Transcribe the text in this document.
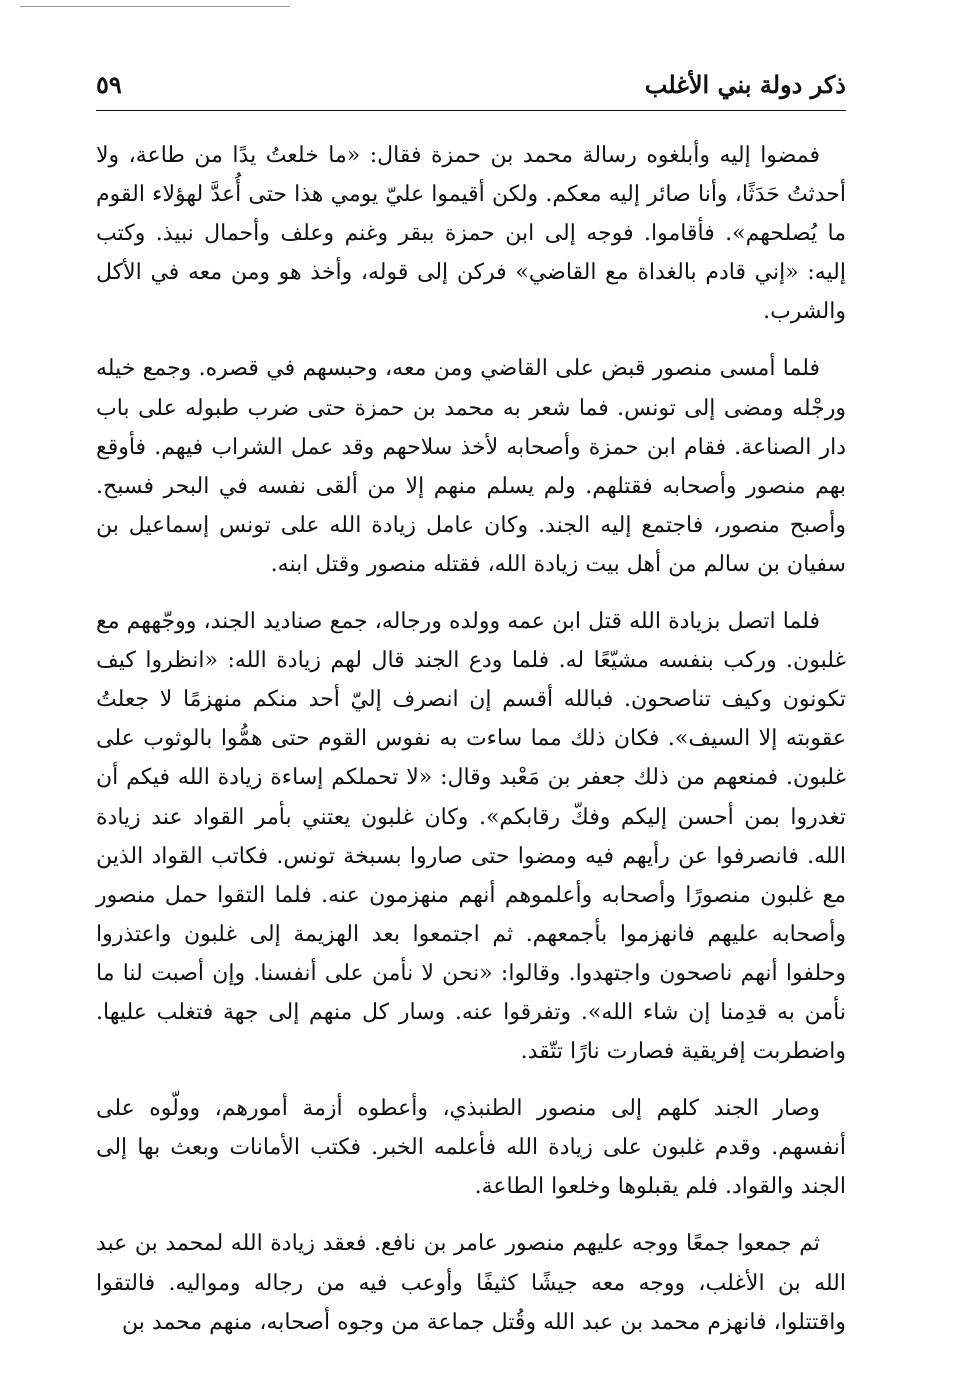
ذكر دولة بني الأغلب
٥٩

فمضوا إليه وأبلغوه رسالة محمد بن حمزة فقال: «ما خلعتُ يدًا من طاعة، ولا أحدثتُ حَدَثًا، وأنا صائر إليه معكم. ولكن أقيموا عليّ يومي هذا حتى أُعدَّ لهؤلاء القوم ما يُصلحهم». فأقاموا. فوجه إلى ابن حمزة ببقر وغنم وعلف وأحمال نبيذ. وكتب إليه: «إني قادم بالغداة مع القاضي» فركن إلى قوله، وأخذ هو ومن معه في الأكل والشرب.

فلما أمسى منصور قبض على القاضي ومن معه، وحبسهم في قصره. وجمع خيله ورجْله ومضى إلى تونس. فما شعر به محمد بن حمزة حتى ضرب طبوله على باب دار الصناعة. فقام ابن حمزة وأصحابه لأخذ سلاحهم وقد عمل الشراب فيهم. فأوقع بهم منصور وأصحابه فقتلهم. ولم يسلم منهم إلا من ألقى نفسه في البحر فسبح. وأصبح منصور، فاجتمع إليه الجند. وكان عامل زيادة الله على تونس إسماعيل بن سفيان بن سالم من أهل بيت زيادة الله، فقتله منصور وقتل ابنه.

فلما اتصل بزيادة الله قتل ابن عمه وولده ورجاله، جمع صناديد الجند، ووجّههم مع غلبون. وركب بنفسه مشيّعًا له. فلما ودع الجند قال لهم زيادة الله: «انظروا كيف تكونون وكيف تناصحون. فبالله أقسم إن انصرف إليّ أحد منكم منهزمًا لا جعلتُ عقوبته إلا السيف». فكان ذلك مما ساءت به نفوس القوم حتى همُّوا بالوثوب على غلبون. فمنعهم من ذلك جعفر بن مَعْبد وقال: «لا تحملكم إساءة زيادة الله فيكم أن تغدروا بمن أحسن إليكم وفكّ رقابكم». وكان غلبون يعتني بأمر القواد عند زيادة الله. فانصرفوا عن رأيهم فيه ومضوا حتى صاروا بسبخة تونس. فكاتب القواد الذين مع غلبون منصورًا وأصحابه وأعلموهم أنهم منهزمون عنه. فلما التقوا حمل منصور وأصحابه عليهم فانهزموا بأجمعهم. ثم اجتمعوا بعد الهزيمة إلى غلبون واعتذروا وحلفوا أنهم ناصحون واجتهدوا. وقالوا: «نحن لا نأمن على أنفسنا. وإن أصبت لنا ما نأمن به قدِمنا إن شاء الله». وتفرقوا عنه. وسار كل منهم إلى جهة فتغلب عليها. واضطربت إفريقية فصارت نارًا تتّقد.

وصار الجند كلهم إلى منصور الطنبذي، وأعطوه أزمة أمورهم، وولّوه على أنفسهم. وقدم غلبون على زيادة الله فأعلمه الخبر. فكتب الأمانات وبعث بها إلى الجند والقواد. فلم يقبلوها وخلعوا الطاعة.

ثم جمعوا جمعًا ووجه عليهم منصور عامر بن نافع. فعقد زيادة الله لمحمد بن عبد الله بن الأغلب، ووجه معه جيشًا كثيفًا وأوعب فيه من رجاله ومواليه. فالتقوا واقتتلوا، فانهزم محمد بن عبد الله وقُتل جماعة من وجوه أصحابه، منهم محمد بن
